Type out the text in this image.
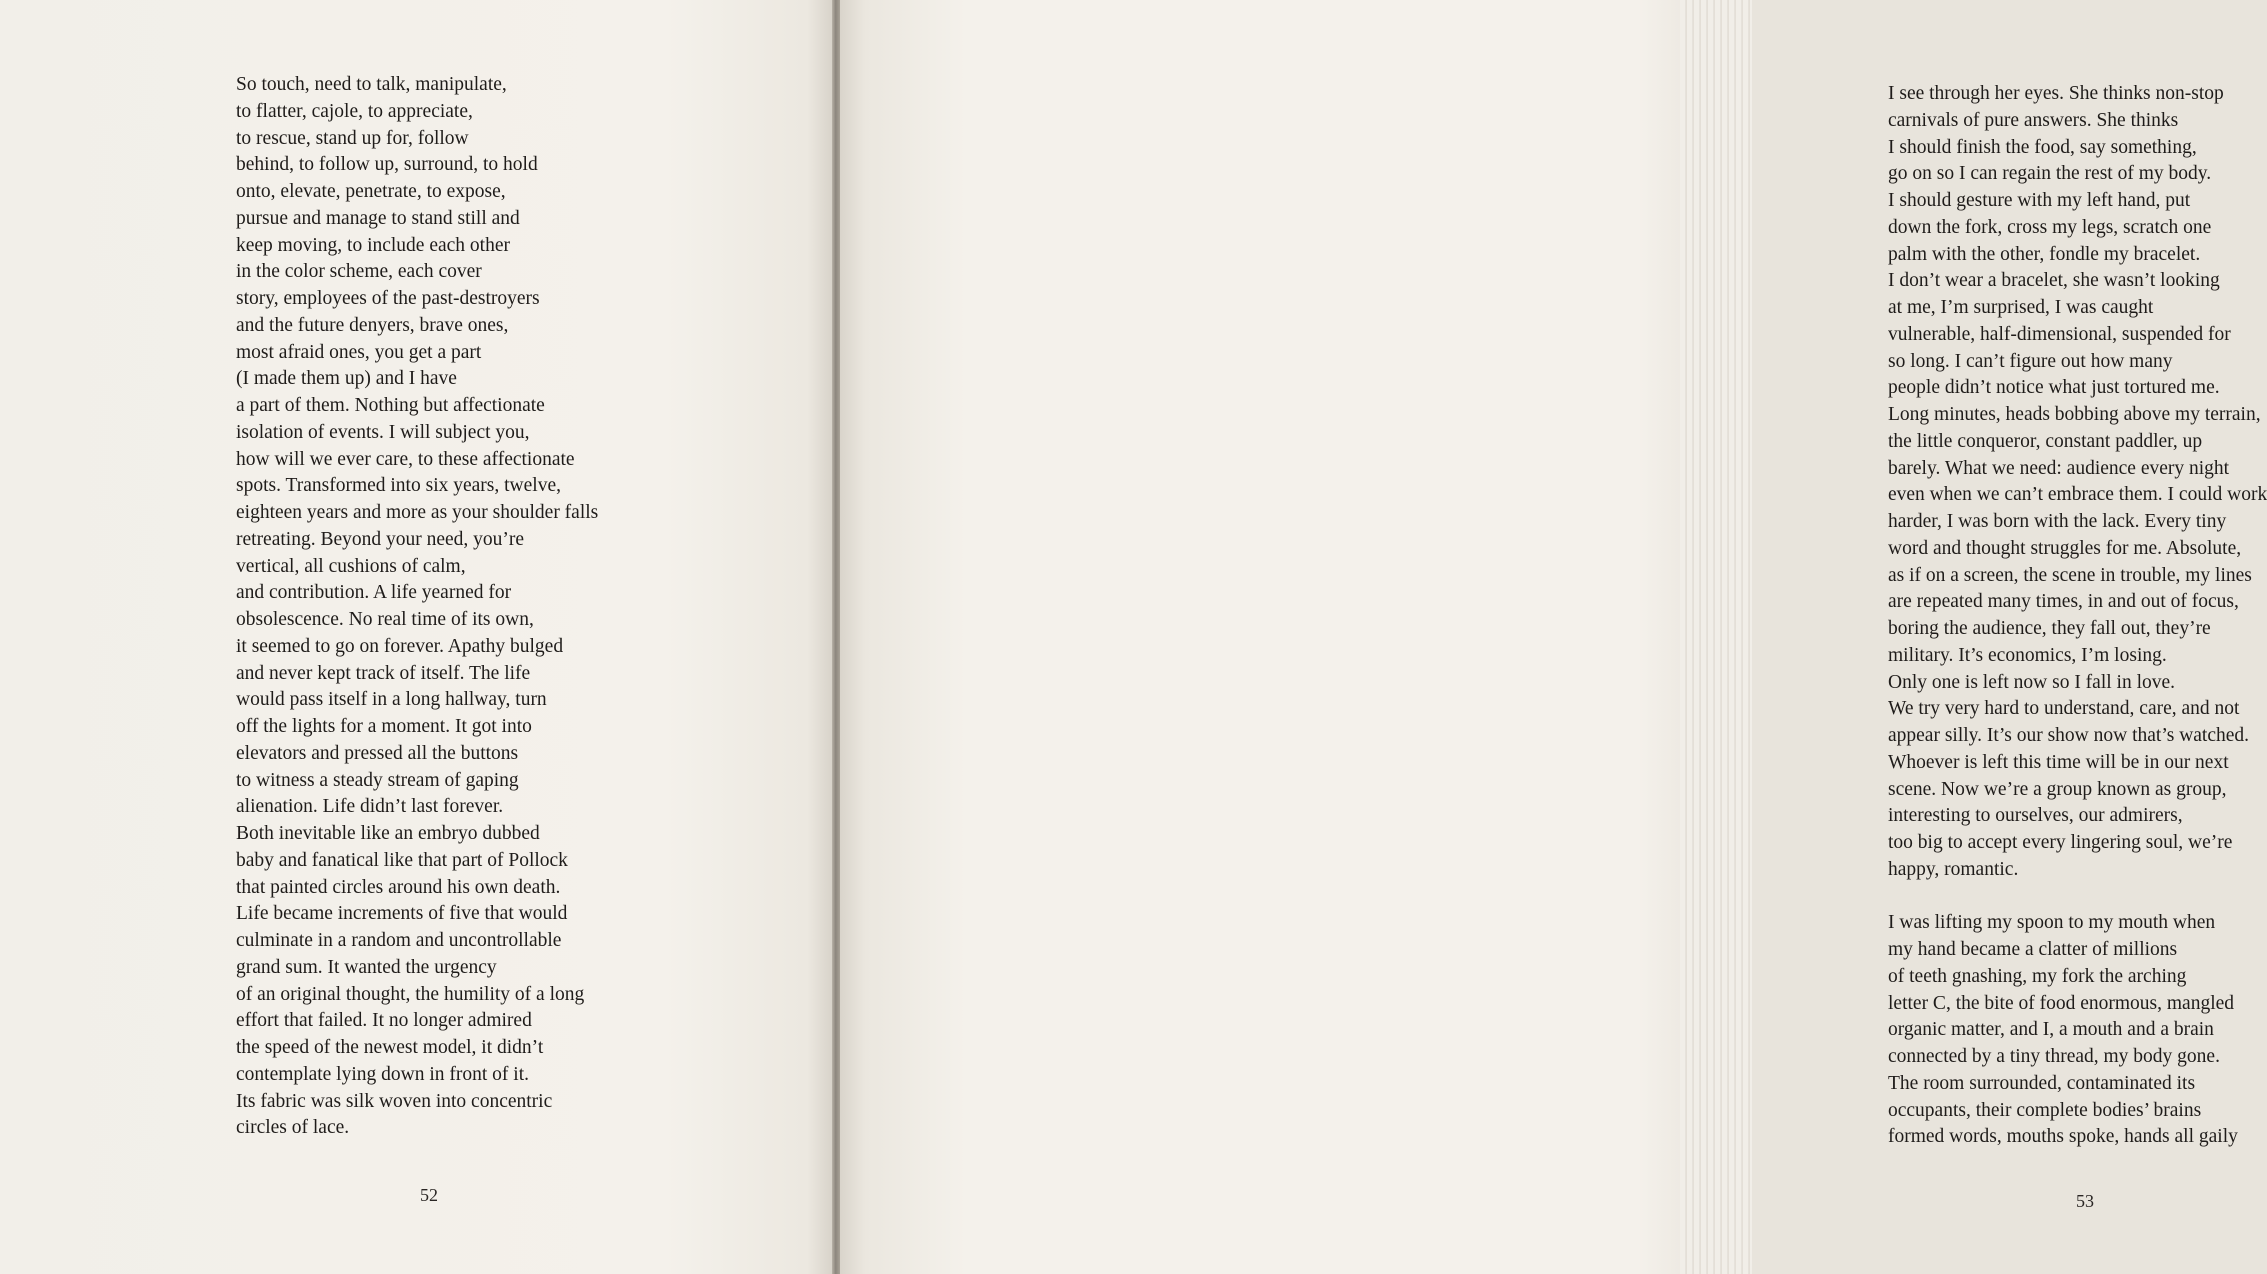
So touch, need to talk, manipulate,
to flatter, cajole, to appreciate,
to rescue, stand up for, follow
behind, to follow up, surround, to hold
onto, elevate, penetrate, to expose,
pursue and manage to stand still and
keep moving, to include each other
in the color scheme, each cover
story, employees of the past-destroyers
and the future denyers, brave ones,
most afraid ones, you get a part
(I made them up) and I have
a part of them. Nothing but affectionate
isolation of events. I will subject you,
how will we ever care, to these affectionate
spots. Transformed into six years, twelve,
eighteen years and more as your shoulder falls
retreating. Beyond your need, you’re
vertical, all cushions of calm,
and contribution. A life yearned for
obsolescence. No real time of its own,
it seemed to go on forever. Apathy bulged
and never kept track of itself. The life
would pass itself in a long hallway, turn
off the lights for a moment. It got into
elevators and pressed all the buttons
to witness a steady stream of gaping
alienation. Life didn’t last forever.
Both inevitable like an embryo dubbed
baby and fanatical like that part of Pollock
that painted circles around his own death.
Life became increments of five that would
culminate in a random and uncontrollable
grand sum. It wanted the urgency
of an original thought, the humility of a long
effort that failed. It no longer admired
the speed of the newest model, it didn’t
contemplate lying down in front of it.
Its fabric was silk woven into concentric
circles of lace.
52
I see through her eyes. She thinks non-stop
carnivals of pure answers. She thinks
I should finish the food, say something,
go on so I can regain the rest of my body.
I should gesture with my left hand, put
down the fork, cross my legs, scratch one
palm with the other, fondle my bracelet.
I don’t wear a bracelet, she wasn’t looking
at me, I’m surprised, I was caught
vulnerable, half-dimensional, suspended for
so long. I can’t figure out how many
people didn’t notice what just tortured me.
Long minutes, heads bobbing above my terrain,
the little conqueror, constant paddler, up
barely. What we need: audience every night
even when we can’t embrace them. I could work
harder, I was born with the lack. Every tiny
word and thought struggles for me. Absolute,
as if on a screen, the scene in trouble, my lines
are repeated many times, in and out of focus,
boring the audience, they fall out, they’re
military. It’s economics, I’m losing.
Only one is left now so I fall in love.
We try very hard to understand, care, and not
appear silly. It’s our show now that’s watched.
Whoever is left this time will be in our next
scene. Now we’re a group known as group,
interesting to ourselves, our admirers,
too big to accept every lingering soul, we’re
happy, romantic.
I was lifting my spoon to my mouth when
my hand became a clatter of millions
of teeth gnashing, my fork the arching
letter C, the bite of food enormous, mangled
organic matter, and I, a mouth and a brain
connected by a tiny thread, my body gone.
The room surrounded, contaminated its
occupants, their complete bodies’ brains
formed words, mouths spoke, hands all gaily
53
